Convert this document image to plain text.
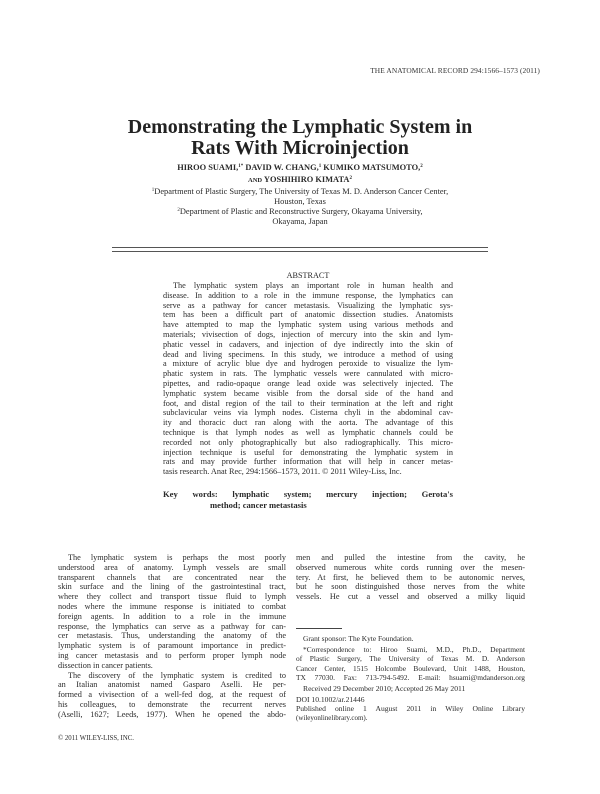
THE ANATOMICAL RECORD 294:1566–1573 (2011)
Demonstrating the Lymphatic System in
Rats With Microinjection
HIROO SUAMI,$^{1*}$ DAVID W. CHANG,$^1$ KUMIKO MATSUMOTO,$^2$
AND YOSHIHIRO KIMATA$^2$
$^1$Department of Plastic Surgery, The University of Texas M. D. Anderson Cancer Center,
Houston, Texas
$^2$Department of Plastic and Reconstructive Surgery, Okayama University,
Okayama, Japan
ABSTRACT
The lymphatic system plays an important role in human health and
disease. In addition to a role in the immune response, the lymphatics can
serve as a pathway for cancer metastasis. Visualizing the lymphatic sys-
tem has been a difficult part of anatomic dissection studies. Anatomists
have attempted to map the lymphatic system using various methods and
materials; vivisection of dogs, injection of mercury into the skin and lym-
phatic vessel in cadavers, and injection of dye indirectly into the skin of
dead and living specimens. In this study, we introduce a method of using
a mixture of acrylic blue dye and hydrogen peroxide to visualize the lym-
phatic system in rats. The lymphatic vessels were cannulated with micro-
pipettes, and radio-opaque orange lead oxide was selectively injected. The
lymphatic system became visible from the dorsal side of the hand and
foot, and distal region of the tail to their termination at the left and right
subclavicular veins via lymph nodes. Cisterna chyli in the abdominal cav-
ity and thoracic duct ran along with the aorta. The advantage of this
technique is that lymph nodes as well as lymphatic channels could be
recorded not only photographically but also radiographically. This micro-
injection technique is useful for demonstrating the lymphatic system in
rats and may provide further information that will help in cancer metas-
tasis research. Anat Rec, 294:1566–1573, 2011. © 2011 Wiley-Liss, Inc.
Key words: lymphatic system; mercury injection; Gerota's
method; cancer metastasis
The lymphatic system is perhaps the most poorly
understood area of anatomy. Lymph vessels are small
transparent channels that are concentrated near the
skin surface and the lining of the gastrointestinal tract,
where they collect and transport tissue fluid to lymph
nodes where the immune response is initiated to combat
foreign agents. In addition to a role in the immune
response, the lymphatics can serve as a pathway for can-
cer metastasis. Thus, understanding the anatomy of the
lymphatic system is of paramount importance in predict-
ing cancer metastasis and to perform proper lymph node
dissection in cancer patients.
The discovery of the lymphatic system is credited to
an Italian anatomist named Gasparo Aselli. He per-
formed a vivisection of a well-fed dog, at the request of
his colleagues, to demonstrate the recurrent nerves
(Aselli, 1627; Leeds, 1977). When he opened the abdo-
men and pulled the intestine from the cavity, he
observed numerous white cords running over the mesen-
tery. At first, he believed them to be autonomic nerves,
but he soon distinguished those nerves from the white
vessels. He cut a vessel and observed a milky liquid
Grant sponsor: The Kyte Foundation.
*Correspondence to: Hiroo Suami, M.D., Ph.D., Department
of Plastic Surgery, The University of Texas M. D. Anderson
Cancer Center, 1515 Holcombe Boulevard, Unit 1488, Houston,
TX 77030. Fax: 713-794-5492. E-mail: hsuami@mdanderson.org
Received 29 December 2010; Accepted 26 May 2011
DOI 10.1002/ar.21446
Published online 1 August 2011 in Wiley Online Library
(wileyonlinelibrary.com).
© 2011 WILEY-LISS, INC.
